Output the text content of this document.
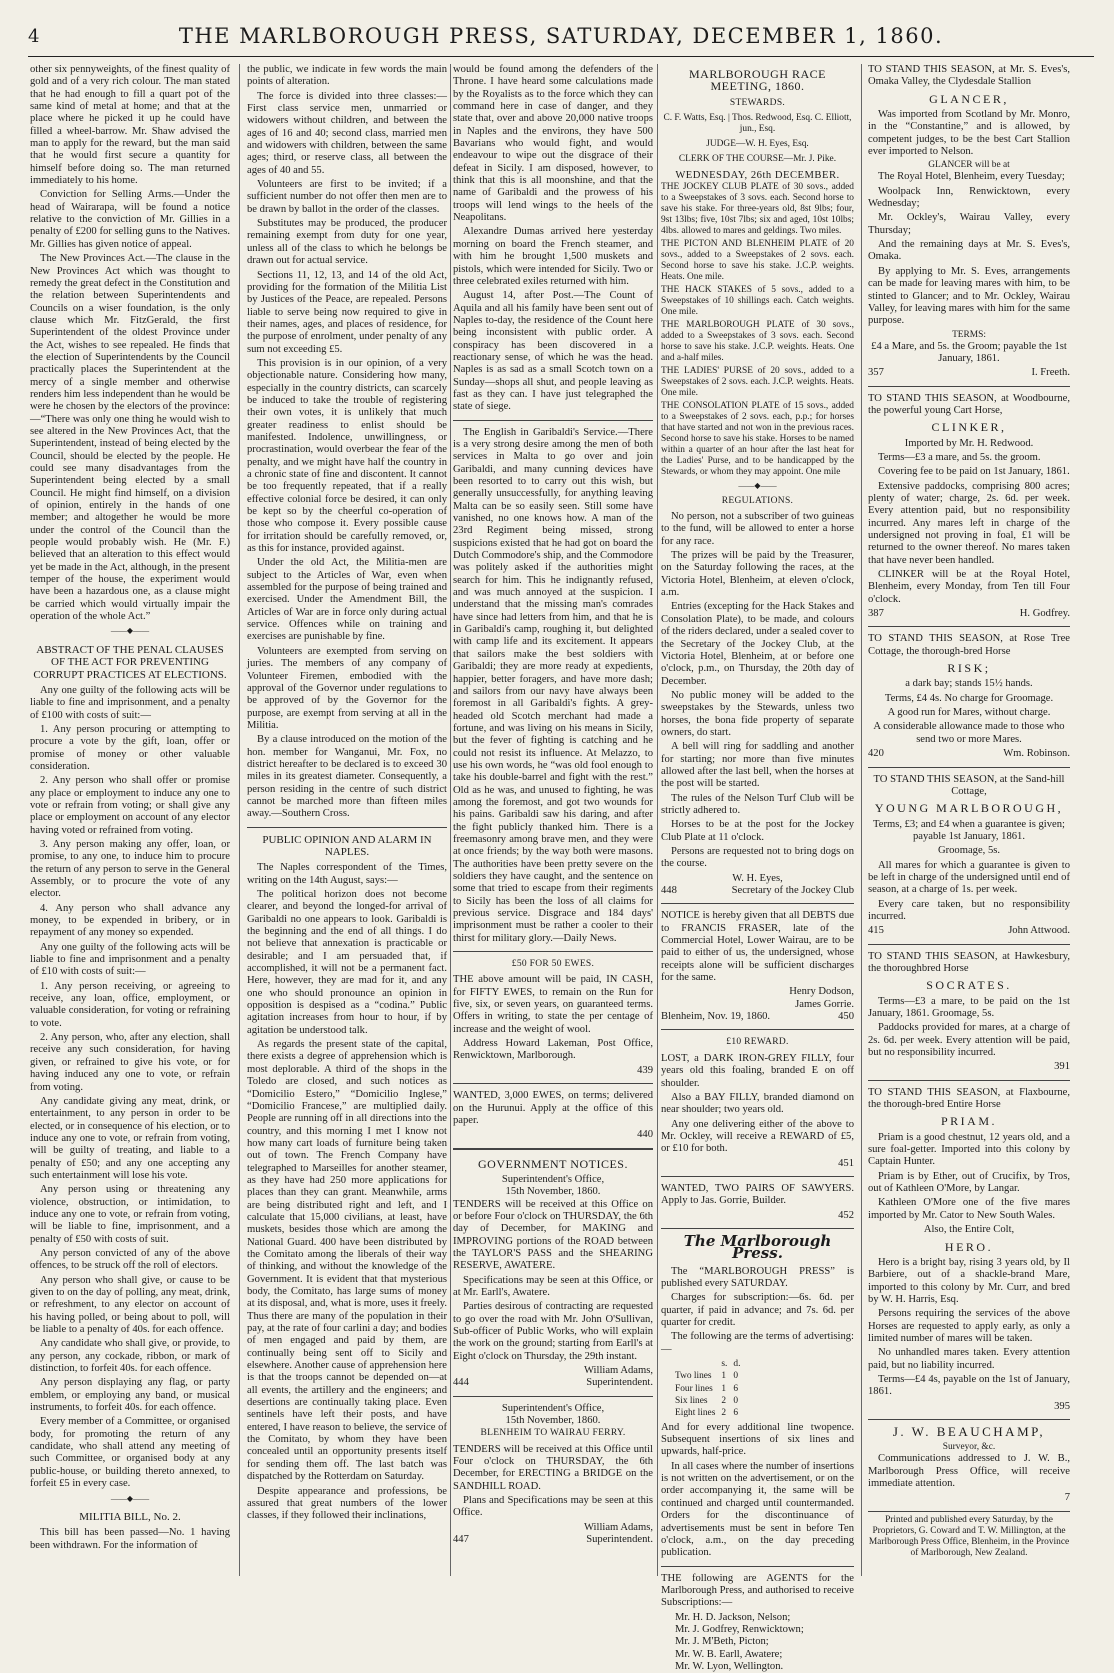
4	THE MARLBOROUGH PRESS, SATURDAY, DECEMBER 1, 1860.

other six pennyweights, of the finest quality of gold and of a very rich colour. The man stated that he had enough to fill a quart pot of the same kind of metal at home; and that at the place where he picked it up he could have filled a wheel-barrow. Mr. Shaw advised the man to apply for the reward, but the man said that he would first secure a quantity for himself before doing so. The man returned immediately to his home.

Conviction for Selling Arms.—Under the head of Wairarapa, will be found a notice relative to the conviction of Mr. Gillies in a penalty of £200 for selling guns to the Natives. Mr. Gillies has given notice of appeal.

The New Provinces Act.—The clause in the New Provinces Act which was thought to remedy the great defect in the Constitution and the relation between Superintendents and Councils on a wiser foundation, is the only clause which Mr. FitzGerald, the first Superintendent of the oldest Province under the Act, wishes to see repealed. He finds that the election of Superintendents by the Council practically places the Superintendent at the mercy of a single member and otherwise renders him less independent than he would be were he chosen by the electors of the province:—“There was only one thing he would wish to see altered in the New Provinces Act, that the Superintendent, instead of being elected by the Council, should be elected by the people. He could see many disadvantages from the Superintendent being elected by a small Council. He might find himself, on a division of opinion, entirely in the hands of one member; and altogether he would be more under the control of the Council than the people would probably wish. He (Mr. F.) believed that an alteration to this effect would yet be made in the Act, although, in the present temper of the house, the experiment would have been a hazardous one, as a clause might be carried which would virtually impair the operation of the whole Act.”

——◆——
ABSTRACT OF THE PENAL CLAUSES OF THE ACT FOR PREVENTING CORRUPT PRACTICES AT ELECTIONS.

Any one guilty of the following acts will be liable to fine and imprisonment, and a penalty of £100 with costs of suit:—

1. Any person procuring or attempting to procure a vote by the gift, loan, offer or promise of money or other valuable consideration.

2. Any person who shall offer or promise any place or employment to induce any one to vote or refrain from voting; or shall give any place or employment on account of any elector having voted or refrained from voting.

3. Any person making any offer, loan, or promise, to any one, to induce him to procure the return of any person to serve in the General Assembly, or to procure the vote of any elector.

4. Any person who shall advance any money, to be expended in bribery, or in repayment of any money so expended.

Any one guilty of the following acts will be liable to fine and imprisonment and a penalty of £10 with costs of suit:—

1. Any person receiving, or agreeing to receive, any loan, office, employment, or valuable consideration, for voting or refraining to vote.

2. Any person, who, after any election, shall receive any such consideration, for having given, or refrained to give his vote, or for having induced any one to vote, or refrain from voting.

Any candidate giving any meat, drink, or entertainment, to any person in order to be elected, or in consequence of his election, or to induce any one to vote, or refrain from voting, will be guilty of treating, and liable to a penalty of £50; and any one accepting any such entertainment will lose his vote.

Any person using or threatening any violence, obstruction, or intimidation, to induce any one to vote, or refrain from voting, will be liable to fine, imprisonment, and a penalty of £50 with costs of suit.

Any person convicted of any of the above offences, to be struck off the roll of electors.

Any person who shall give, or cause to be given to on the day of polling, any meat, drink, or refreshment, to any elector on account of his having polled, or being about to poll, will be liable to a penalty of 40s. for each offence.

Any candidate who shall give, or provide, to any person, any cockade, ribbon, or mark of distinction, to forfeit 40s. for each offence.

Any person displaying any flag, or party emblem, or employing any band, or musical instruments, to forfeit 40s. for each offence.

Every member of a Committee, or organised body, for promoting the return of any candidate, who shall attend any meeting of such Committee, or organised body at any public-house, or building thereto annexed, to forfeit £5 in every case.

——◆——
MILITIA BILL, No. 2.

This bill has been passed—No. 1 having been withdrawn. For the information of

the public, we indicate in few words the main points of alteration.

The force is divided into three classes:—First class service men, unmarried or widowers without children, and between the ages of 16 and 40; second class, married men and widowers with children, between the same ages; third, or reserve class, all between the ages of 40 and 55.

Volunteers are first to be invited; if a sufficient number do not offer then men are to be drawn by ballot in the order of the classes.

Substitutes may be produced, the producer remaining exempt from duty for one year, unless all of the class to which he belongs be drawn out for actual service.

Sections 11, 12, 13, and 14 of the old Act, providing for the formation of the Militia List by Justices of the Peace, are repealed. Persons liable to serve being now required to give in their names, ages, and places of residence, for the purpose of enrolment, under penalty of any sum not exceeding £5.

This provision is in our opinion, of a very objectionable nature. Considering how many, especially in the country districts, can scarcely be induced to take the trouble of registering their own votes, it is unlikely that much greater readiness to enlist should be manifested. Indolence, unwillingness, or procrastination, would overbear the fear of the penalty, and we might have half the country in a chronic state of fine and discontent. It cannot be too frequently repeated, that if a really effective colonial force be desired, it can only be kept so by the cheerful co-operation of those who compose it. Every possible cause for irritation should be carefully removed, or, as this for instance, provided against.

Under the old Act, the Militia-men are subject to the Articles of War, even when assembled for the purpose of being trained and exercised. Under the Amendment Bill, the Articles of War are in force only during actual service. Offences while on training and exercises are punishable by fine.

Volunteers are exempted from serving on juries. The members of any company of Volunteer Firemen, embodied with the approval of the Governor under regulations to be approved of by the Governor for the purpose, are exempt from serving at all in the Militia.

By a clause introduced on the motion of the hon. member for Wanganui, Mr. Fox, no district hereafter to be declared is to exceed 30 miles in its greatest diameter. Consequently, a person residing in the centre of such district cannot be marched more than fifteen miles away.—Southern Cross.

PUBLIC OPINION AND ALARM IN NAPLES.

The Naples correspondent of the Times, writing on the 14th August, says:—

The political horizon does not become clearer, and beyond the longed-for arrival of Garibaldi no one appears to look. Garibaldi is the beginning and the end of all things. I do not believe that annexation is practicable or desirable; and I am persuaded that, if accomplished, it will not be a permanent fact. Here, however, they are mad for it, and any one who should pronounce an opinion in opposition is despised as a “codina.” Public agitation increases from hour to hour, if by agitation be understood talk.

As regards the present state of the capital, there exists a degree of apprehension which is most deplorable. A third of the shops in the Toledo are closed, and such notices as “Domicilio Estero,” “Domicilio Inglese,” “Domicilio Francese,” are multiplied daily. People are running off in all directions into the country, and this morning I met I know not how many cart loads of furniture being taken out of town. The French Company have telegraphed to Marseilles for another steamer, as they have had 250 more applications for places than they can grant. Meanwhile, arms are being distributed right and left, and I calculate that 15,000 civilians, at least, have muskets, besides those which are among the National Guard. 400 have been distributed by the Comitato among the liberals of their way of thinking, and without the knowledge of the Government. It is evident that that mysterious body, the Comitato, has large sums of money at its disposal, and, what is more, uses it freely. Thus there are many of the population in their pay, at the rate of four carlini a day; and bodies of men engaged and paid by them, are continually being sent off to Sicily and elsewhere. Another cause of apprehension here is that the troops cannot be depended on—at all events, the artillery and the engineers; and desertions are continually taking place. Even sentinels have left their posts, and have entered, I have reason to believe, the service of the Comitato, by whom they have been concealed until an opportunity presents itself for sending them off. The last batch was dispatched by the Rotterdam on Saturday.

Despite appearance and professions, be assured that great numbers of the lower classes, if they followed their inclinations,

would be found among the defenders of the Throne. I have heard some calculations made by the Royalists as to the force which they can command here in case of danger, and they state that, over and above 20,000 native troops in Naples and the environs, they have 500 Bavarians who would fight, and would endeavour to wipe out the disgrace of their defeat in Sicily. I am disposed, however, to think that this is all moonshine, and that the name of Garibaldi and the prowess of his troops will lend wings to the heels of the Neapolitans.

Alexandre Dumas arrived here yesterday morning on board the French steamer, and with him he brought 1,500 muskets and pistols, which were intended for Sicily. Two or three celebrated exiles returned with him.

August 14, after Post.—The Count of Aquila and all his family have been sent out of Naples to-day, the residence of the Count here being inconsistent with public order. A conspiracy has been discovered in a reactionary sense, of which he was the head. Naples is as sad as a small Scotch town on a Sunday—shops all shut, and people leaving as fast as they can. I have just telegraphed the state of siege.

The English in Garibaldi's Service.—There is a very strong desire among the men of both services in Malta to go over and join Garibaldi, and many cunning devices have been resorted to to carry out this wish, but generally unsuccessfully, for anything leaving Malta can be so easily seen. Still some have vanished, no one knows how. A man of the 23rd Regiment being missed, strong suspicions existed that he had got on board the Dutch Commodore's ship, and the Commodore was politely asked if the authorities might search for him. This he indignantly refused, and was much annoyed at the suspicion. I understand that the missing man's comrades have since had letters from him, and that he is in Garibaldi's camp, roughing it, but delighted with camp life and its excitement. It appears that sailors make the best soldiers with Garibaldi; they are more ready at expedients, happier, better foragers, and have more dash; and sailors from our navy have always been foremost in all Garibaldi's fights. A grey-headed old Scotch merchant had made a fortune, and was living on his means in Sicily, but the fever of fighting is catching and he could not resist its influence. At Melazzo, to use his own words, he “was old fool enough to take his double-barrel and fight with the rest.” Old as he was, and unused to fighting, he was among the foremost, and got two wounds for his pains. Garibaldi saw his daring, and after the fight publicly thanked him. There is a freemasonry among brave men, and they were at once friends; by the way both were masons. The authorities have been pretty severe on the soldiers they have caught, and the sentence on some that tried to escape from their regiments to Sicily has been the loss of all claims for previous service. Disgrace and 184 days' imprisonment must be rather a cooler to their thirst for military glory.—Daily News.

£50 FOR 50 EWES.

THE above amount will be paid, IN CASH, for FIFTY EWES, to remain on the Run for five, six, or seven years, on guaranteed terms. Offers in writing, to state the per centage of increase and the weight of wool.

Address Howard Lakeman, Post Office, Renwicktown, Marlborough.

439

WANTED, 3,000 EWES, on terms; delivered on the Hurunui. Apply at the office of this paper.

440
GOVERNMENT NOTICES.
Superintendent's Office,
15th November, 1860.

TENDERS will be received at this Office on or before Four o'clock on THURSDAY, the 6th day of December, for MAKING and IMPROVING portions of the ROAD between the TAYLOR'S PASS and the SHEARING RESERVE, AWATERE.

Specifications may be seen at this Office, or at Mr. Earll's, Awatere.

Parties desirous of contracting are requested to go over the road with Mr. John O'Sullivan, Sub-officer of Public Works, who will explain the work on the ground; starting from Earll's at Eight o'clock on Thursday, the 29th instant.

William Adams,
444	Superintendent.
Superintendent's Office,
15th November, 1860.
BLENHEIM TO WAIRAU FERRY.

TENDERS will be received at this Office until Four o'clock on THURSDAY, the 6th December, for ERECTING a BRIDGE on the SANDHILL ROAD.

Plans and Specifications may be seen at this Office.

William Adams,
447	Superintendent.
MARLBOROUGH RACE MEETING, 1860.
STEWARDS.
C. F. Watts, Esq. | Thos. Redwood, Esq. C. Elliott, jun., Esq.
JUDGE—W. H. Eyes, Esq.
CLERK OF THE COURSE—Mr. J. Pike.
WEDNESDAY, 26th DECEMBER.

THE JOCKEY CLUB PLATE of 30 sovs., added to a Sweepstakes of 3 sovs. each. Second horse to save his stake. For three-years old, 8st 9lbs; four, 9st 13lbs; five, 10st 7lbs; six and aged, 10st 10lbs; 4lbs. allowed to mares and geldings. Two miles.

THE PICTON AND BLENHEIM PLATE of 20 sovs., added to a Sweepstakes of 2 sovs. each. Second horse to save his stake. J.C.P. weights. Heats. One mile.

THE HACK STAKES of 5 sovs., added to a Sweepstakes of 10 shillings each. Catch weights. One mile.

THE MARLBOROUGH PLATE of 30 sovs., added to a Sweepstakes of 3 sovs. each. Second horse to save his stake. J.C.P. weights. Heats. One and a-half miles.

THE LADIES' PURSE of 20 sovs., added to a Sweepstakes of 2 sovs. each. J.C.P. weights. Heats. One mile.

THE CONSOLATION PLATE of 15 sovs., added to a Sweepstakes of 2 sovs. each, p.p.; for horses that have started and not won in the previous races. Second horse to save his stake. Horses to be named within a quarter of an hour after the last heat for the Ladies' Purse, and to be handicapped by the Stewards, or whom they may appoint. One mile

——◆——
REGULATIONS.

No person, not a subscriber of two guineas to the fund, will be allowed to enter a horse for any race.

The prizes will be paid by the Treasurer, on the Saturday following the races, at the Victoria Hotel, Blenheim, at eleven o'clock, a.m.

Entries (excepting for the Hack Stakes and Consolation Plate), to be made, and colours of the riders declared, under a sealed cover to the Secretary of the Jockey Club, at the Victoria Hotel, Blenheim, at or before one o'clock, p.m., on Thursday, the 20th day of December.

No public money will be added to the sweepstakes by the Stewards, unless two horses, the bona fide property of separate owners, do start.

A bell will ring for saddling and another for starting; nor more than five minutes allowed after the last bell, when the horses at the post will be started.

The rules of the Nelson Turf Club will be strictly adhered to.

Horses to be at the post for the Jockey Club Plate at 11 o'clock.

Persons are requested not to bring dogs on the course.

W. H. Eyes,
448	Secretary of the Jockey Club

NOTICE is hereby given that all DEBTS due to FRANCIS FRASER, late of the Commercial Hotel, Lower Wairau, are to be paid to either of us, the undersigned, whose receipts alone will be sufficient discharges for the same.

Henry Dodson,
James Gorrie.
Blenheim, Nov. 19, 1860.	450
£10 REWARD.

LOST, a DARK IRON-GREY FILLY, four years old this foaling, branded E on off shoulder.

Also a BAY FILLY, branded diamond on near shoulder; two years old.

Any one delivering either of the above to Mr. Ockley, will receive a REWARD of £5, or £10 for both.

451

WANTED, TWO PAIRS OF SAWYERS. Apply to Jas. Gorrie, Builder.

452
The Marlborough Press.

The “MARLBOROUGH PRESS” is published every SATURDAY.

Charges for subscription:—6s. 6d. per quarter, if paid in advance; and 7s. 6d. per quarter for credit.

The following are the terms of advertising:—

	s.	d.
Two lines	1	0
Four lines	1	6
Six lines	2	0
Eight lines	2	6

And for every additional line twopence. Subsequent insertions of six lines and upwards, half-price.

In all cases where the number of insertions is not written on the advertisement, or on the order accompanying it, the same will be continued and charged until countermanded. Orders for the discontinuance of advertisements must be sent in before Ten o'clock, a.m., on the day preceding publication.

THE following are AGENTS for the Marlborough Press, and authorised to receive Subscriptions:—

Mr. H. D. Jackson, Nelson;
Mr. J. Godfrey, Renwicktown;
Mr. J. M'Beth, Picton;
Mr. W. B. Earll, Awatere;
Mr. W. Lyon, Wellington.

TO STAND THIS SEASON, at Mr. S. Eves's, Omaka Valley, the Clydesdale Stallion

GLANCER,

Was imported from Scotland by Mr. Monro, in the “Constantine,” and is allowed, by competent judges, to be the best Cart Stallion ever imported to Nelson.

GLANCER will be at

The Royal Hotel, Blenheim, every Tuesday;

Woolpack Inn, Renwicktown, every Wednesday;

Mr. Ockley's, Wairau Valley, every Thursday;

And the remaining days at Mr. S. Eves's, Omaka.

By applying to Mr. S. Eves, arrangements can be made for leaving mares with him, to be stinted to Glancer; and to Mr. Ockley, Wairau Valley, for leaving mares with him for the same purpose.

TERMS:

£4 a Mare, and 5s. the Groom; payable the 1st January, 1861.

357	I. Freeth.

TO STAND THIS SEASON, at Woodbourne, the powerful young Cart Horse,

CLINKER,

Imported by Mr. H. Redwood.

Terms—£3 a mare, and 5s. the groom.

Covering fee to be paid on 1st January, 1861.

Extensive paddocks, comprising 800 acres; plenty of water; charge, 2s. 6d. per week. Every attention paid, but no responsibility incurred. Any mares left in charge of the undersigned not proving in foal, £1 will be returned to the owner thereof. No mares taken that have never been handled.

CLINKER will be at the Royal Hotel, Blenheim, every Monday, from Ten till Four o'clock.

387	H. Godfrey.

TO STAND THIS SEASON, at Rose Tree Cottage, the thorough-bred Horse

RISK;

a dark bay; stands 15½ hands.

Terms, £4 4s. No charge for Groomage.

A good run for Mares, without charge.

A considerable allowance made to those who send two or more Mares.

420	Wm. Robinson.

TO STAND THIS SEASON, at the Sand-hill Cottage,

YOUNG MARLBOROUGH,

Terms, £3; and £4 when a guarantee is given; payable 1st January, 1861.

Groomage, 5s.

All mares for which a guarantee is given to be left in charge of the undersigned until end of season, at a charge of 1s. per week.

Every care taken, but no responsibility incurred.

415	John Attwood.

TO STAND THIS SEASON, at Hawkesbury, the thoroughbred Horse

SOCRATES.

Terms—£3 a mare, to be paid on the 1st January, 1861. Groomage, 5s.

Paddocks provided for mares, at a charge of 2s. 6d. per week. Every attention will be paid, but no responsibility incurred.

391

TO STAND THIS SEASON, at Flaxbourne, the thorough-bred Entire Horse

PRIAM.

Priam is a good chestnut, 12 years old, and a sure foal-getter. Imported into this colony by Captain Hunter.

Priam is by Ether, out of Crucifix, by Tros, out of Kathleen O'More, by Langar.

Kathleen O'More one of the five mares imported by Mr. Cator to New South Wales.

Also, the Entire Colt,

HERO.

Hero is a bright bay, rising 3 years old, by Il Barbiere, out of a shackle-brand Mare, imported to this colony by Mr. Curr, and bred by W. H. Harris, Esq.

Persons requiring the services of the above Horses are requested to apply early, as only a limited number of mares will be taken.

No unhandled mares taken. Every attention paid, but no liability incurred.

Terms—£4 4s, payable on the 1st of January, 1861.

395
J. W. BEAUCHAMP,
Surveyor, &c.

Communications addressed to J. W. B., Marlborough Press Office, will receive immediate attention.

7
Printed and published every Saturday, by the Proprietors, G. Coward and T. W. Millington, at the Marlborough Press Office, Blenheim, in the Province of Marlborough, New Zealand.
